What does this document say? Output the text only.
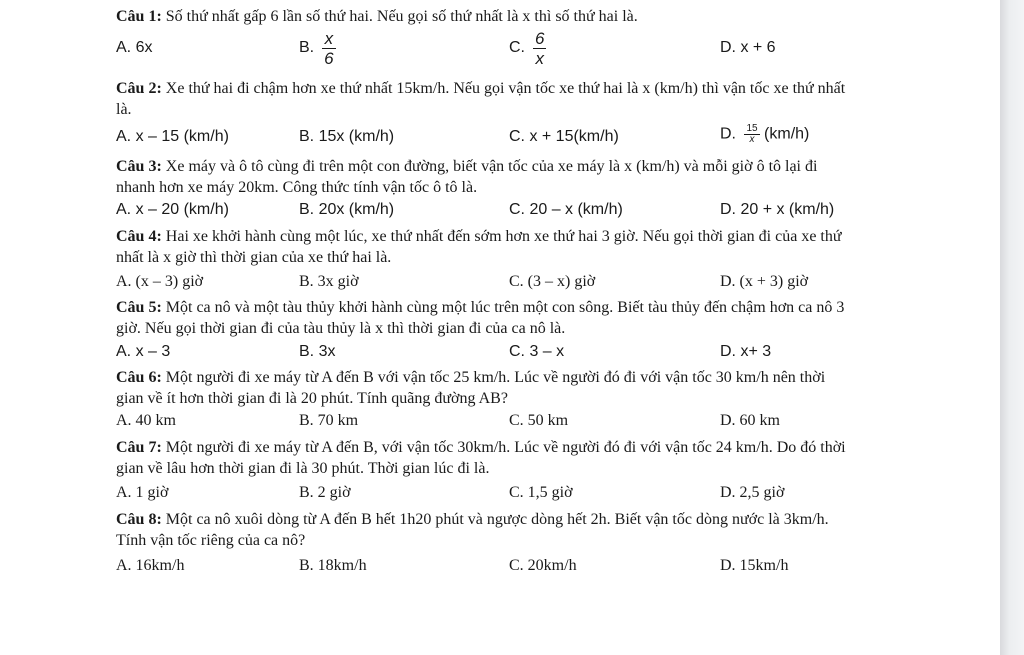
Câu 1: Số thứ nhất gấp 6 lần số thứ hai. Nếu gọi số thứ nhất là x thì số thứ hai là.
A. 6x	B. $\frac{x}{6}$	C. $\frac{6}{x}$	D. x + 6
Câu 2: Xe thứ hai đi chậm hơn xe thứ nhất 15km/h. Nếu gọi vận tốc xe thứ hai là x (km/h) thì vận tốc xe thứ nhất là.
A. x – 15 (km/h)	B. 15x (km/h)	C. x + 15(km/h)	D. $\frac{15}{x} (km/h)$
Câu 3: Xe máy và ô tô cùng đi trên một con đường, biết vận tốc của xe máy là x (km/h) và mỗi giờ ô tô lại đi nhanh hơn xe máy 20km. Công thức tính vận tốc ô tô là.
A. x – 20 (km/h)	B. 20x (km/h)	C. 20 – x (km/h)	D. 20 + x (km/h)
Câu 4: Hai xe khởi hành cùng một lúc, xe thứ nhất đến sớm hơn xe thứ hai 3 giờ. Nếu gọi thời gian đi của xe thứ nhất là x giờ thì thời gian của xe thứ hai là.
A. (x – 3) giờ	B. 3x giờ	C. (3 – x) giờ	D. (x + 3) giờ
Câu 5: Một ca nô và một tàu thủy khởi hành cùng một lúc trên một con sông. Biết tàu thủy đến chậm hơn ca nô 3 giờ. Nếu gọi thời gian đi của tàu thủy là x thì thời gian đi của ca nô là.
A. x – 3	B. 3x	C. 3 – x	D. x+ 3
Câu 6: Một người đi xe máy từ A đến B với vận tốc 25 km/h. Lúc về người đó đi với vận tốc 30 km/h nên thời gian về ít hơn thời gian đi là 20 phút. Tính quãng đường AB?
A. 40 km	B. 70 km	C. 50 km	D. 60 km
Câu 7: Một người đi xe máy từ A đến B, với vận tốc 30km/h. Lúc về người đó đi với vận tốc 24 km/h. Do đó thời gian về lâu hơn thời gian đi là 30 phút. Thời gian lúc đi là.
A. 1 giờ	B. 2 giờ	C. 1,5 giờ	D. 2,5 giờ
Câu 8: Một ca nô xuôi dòng từ A đến B hết 1h20 phút và ngược dòng hết 2h. Biết vận tốc dòng nước là 3km/h. Tính vận tốc riêng của ca nô?
A. 16km/h	B. 18km/h	C. 20km/h	D. 15km/h
